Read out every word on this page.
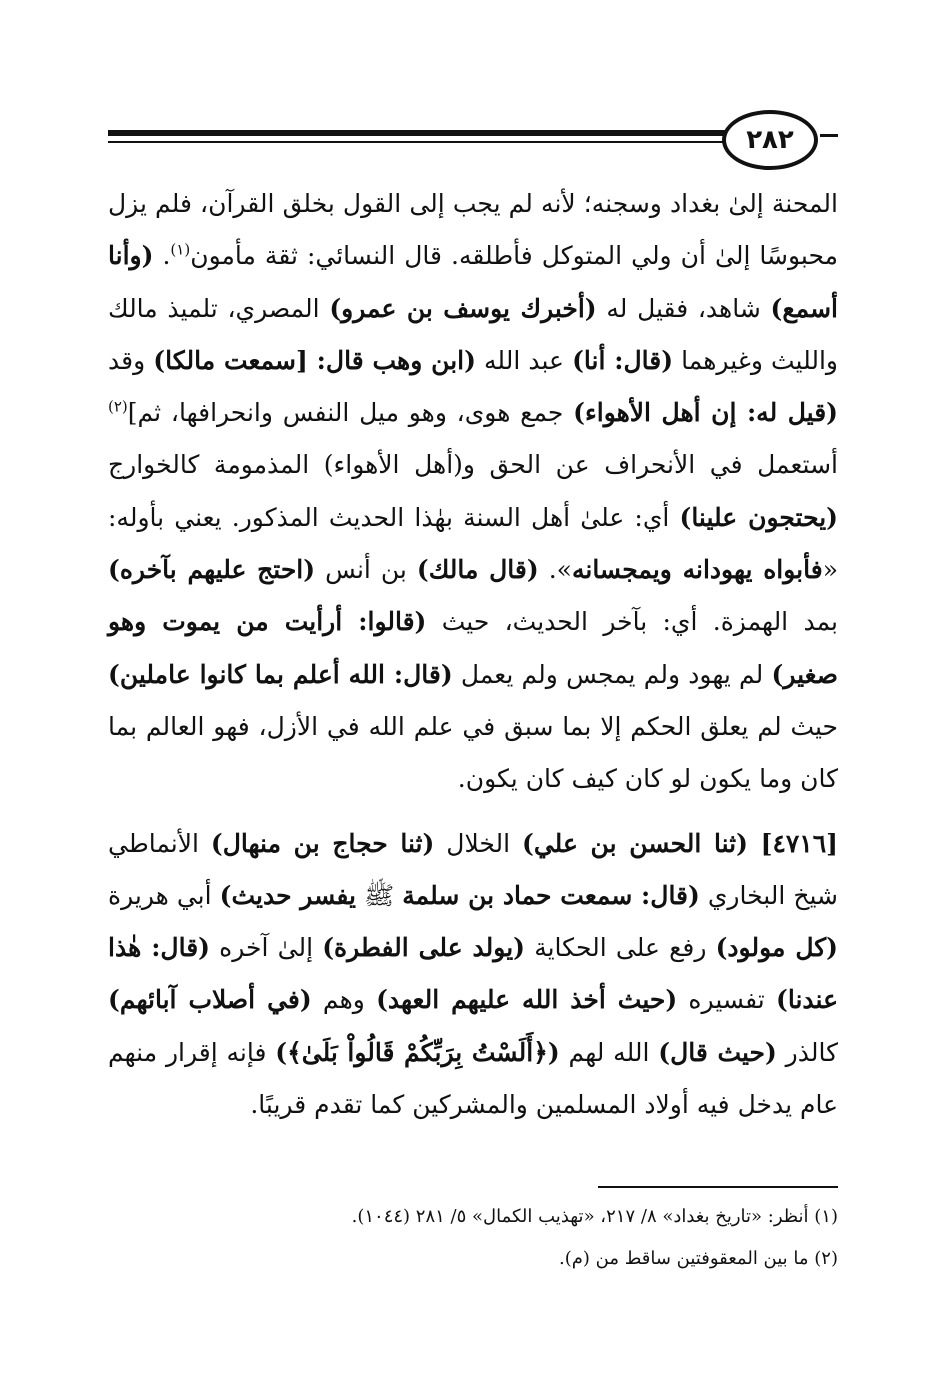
٢٨٢

المحنة إلىٰ بغداد وسجنه؛ لأنه لم يجب إلى القول بخلق القرآن، فلم يزل محبوسًا إلىٰ أن ولي المتوكل فأطلقه. قال النسائي: ثقة مأمون$^{(١)}$. (وأنا أسمع) شاهد، فقيل له (أخبرك يوسف بن عمرو) المصري، تلميذ مالك والليث وغيرهما (قال: أنا) عبد الله (ابن وهب قال: [سمعت مالكا) وقد (قيل له: إن أهل الأهواء) جمع هوى، وهو ميل النفس وانحرافها، ثم]$^{(٢)}$ أستعمل في الأنحراف عن الحق و(أهل الأهواء) المذمومة كالخوارج (يحتجون علينا) أي: علىٰ أهل السنة بهٰذا الحديث المذكور. يعني بأوله: «فأبواه يهودانه ويمجسانه». (قال مالك) بن أنس (احتج عليهم بآخره) بمد الهمزة. أي: بآخر الحديث، حيث (قالوا: أرأيت من يموت وهو صغير) لم يهود ولم يمجس ولم يعمل (قال: الله أعلم بما كانوا عاملين) حيث لم يعلق الحكم إلا بما سبق في علم الله في الأزل، فهو العالم بما كان وما يكون لو كان كيف كان يكون.

[٤٧١٦] (ثنا الحسن بن علي) الخلال (ثنا حجاج بن منهال) الأنماطي شيخ البخاري (قال: سمعت حماد بن سلمة ﷺ يفسر حديث) أبي هريرة (كل مولود) رفع على الحكاية (يولد على الفطرة) إلىٰ آخره (قال: هٰذا عندنا) تفسيره (حيث أخذ الله عليهم العهد) وهم (في أصلاب آبائهم) كالذر (حيث قال) الله لهم (﴿أَلَسْتُ بِرَبِّكُمْ قَالُواْ بَلَىٰ﴾) فإنه إقرار منهم عام يدخل فيه أولاد المسلمين والمشركين كما تقدم قريبًا.

(١) أنظر: «تاريخ بغداد» ٨/ ٢١٧، «تهذيب الكمال» ٥/ ٢٨١ (١٠٤٤).
(٢) ما بين المعقوفتين ساقط من (م).
